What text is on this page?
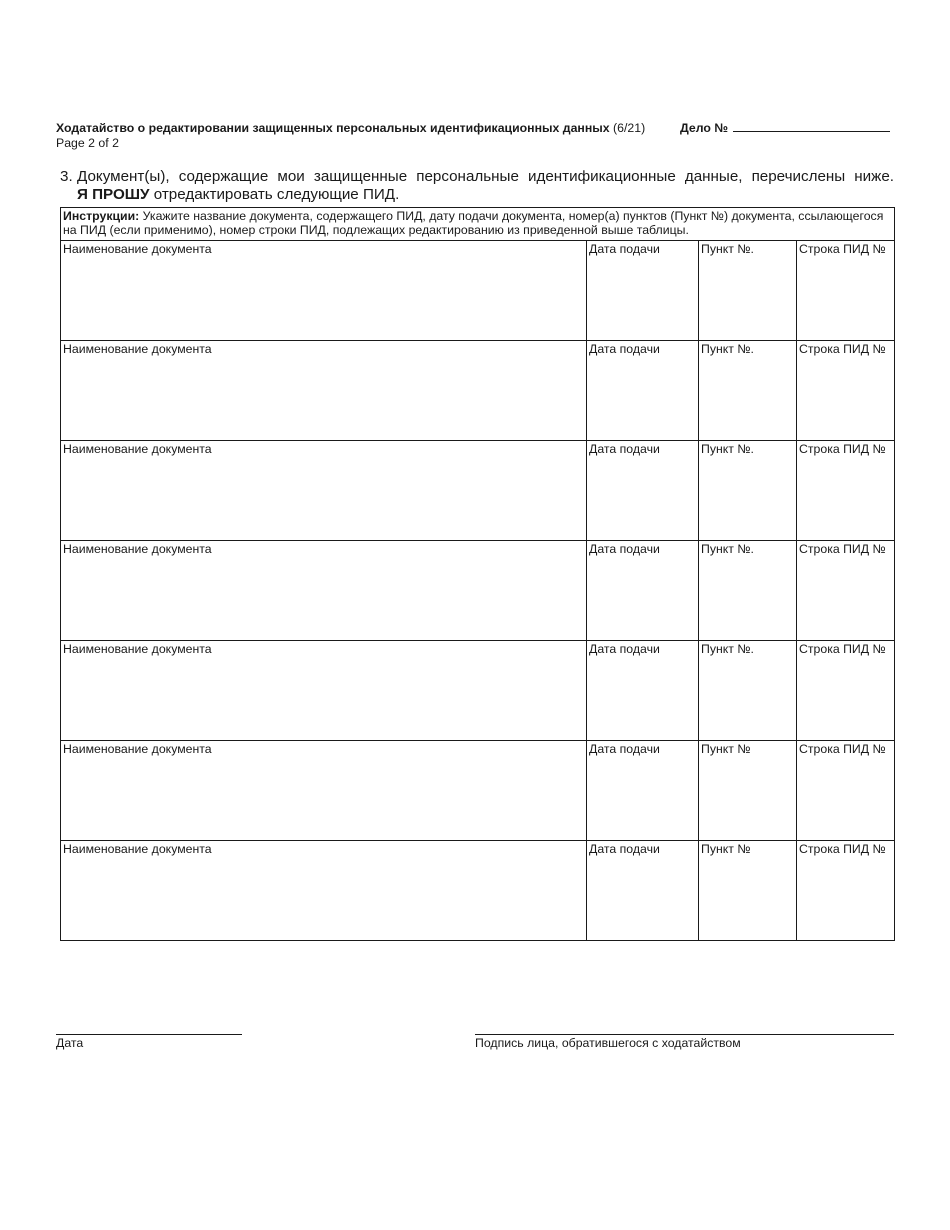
Ходатайство о редактировании защищенных персональных идентификационных данных (6/21)	Дело №
Page 2 of 2
3. Документ(ы), содержащие мои защищенные персональные идентификационные данные, перечислены ниже.
Я ПРОШУ отредактировать следующие ПИД.
Инструкции: Укажите название документа, содержащего ПИД, дату подачи документа, номер(а) пунктов (Пункт №) документа, ссылающегося на ПИД (если применимо), номер строки ПИД, подлежащих редактированию из приведенной выше таблицы.			
Наименование документа	Дата подачи	Пункт №.	Строка ПИД №
Наименование документа	Дата подачи	Пункт №.	Строка ПИД №
Наименование документа	Дата подачи	Пункт №.	Строка ПИД №
Наименование документа	Дата подачи	Пункт №.	Строка ПИД №
Наименование документа	Дата подачи	Пункт №.	Строка ПИД №
Наименование документа	Дата подачи	Пункт №	Строка ПИД №
Наименование документа	Дата подачи	Пункт №	Строка ПИД №
Дата	Подпись лица, обратившегося с ходатайством
